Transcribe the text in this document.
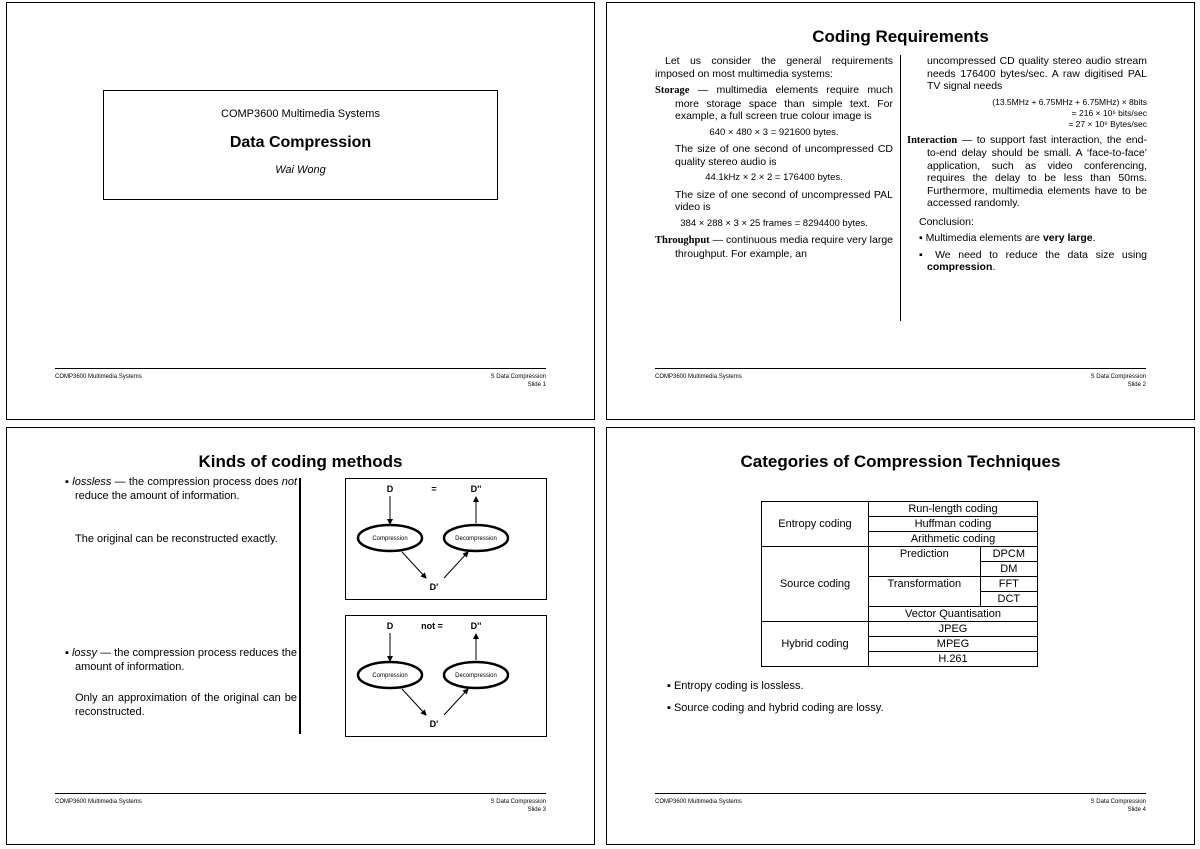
COMP3600 Multimedia Systems
Data Compression
Wai Wong
COMP3600 Multimedia Systems	S Data Compression
Slide 1
Coding Requirements

Let us consider the general requirements imposed on most multimedia systems:

Storage — multimedia elements require much more storage space than simple text. For example, a full screen true colour image is

640 × 480 × 3 = 921600 bytes.

The size of one second of uncompressed CD quality stereo audio is

44.1kHz × 2 × 2 = 176400 bytes.

The size of one second of uncompressed PAL video is

384 × 288 × 3 × 25 frames = 8294400 bytes.

Throughput — continuous media require very large throughput. For example, an

uncompressed CD quality stereo audio stream needs 176400 bytes/sec. A raw digitised PAL TV signal needs

(13.5MHz + 6.75MHz + 6.75MHz) × 8bits
= 216 × 10⁶ bits/sec
= 27 × 10⁶ Bytes/sec

Interaction — to support fast interaction, the end-to-end delay should be small. A ‘face-to-face’ application, such as video conferencing, requires the delay to be less than 50ms. Furthermore, multimedia elements have to be accessed randomly.

Conclusion:

▪ Multimedia elements are very large.

▪ We need to reduce the data size using compression.

COMP3600 Multimedia Systems	S Data Compression
Slide 2
Kinds of coding methods
▪ lossless — the compression process does not reduce the amount of information.
The original can be reconstructed exactly.
▪ lossy — the compression process reduces the amount of information.
Only an approximation of the original can be reconstructed.
D	=	D''
Compression	Decompression
D'
D	not =	D''
Compression	Decompression
D'
COMP3600 Multimedia Systems	S Data Compression
Slide 3
Categories of Compression Techniques
Entropy coding	Run-length coding	
	Huffman coding	
	Arithmetic coding	
Source coding	Prediction	DPCM
		DM
	Transformation	FFT
		DCT
	Vector Quantisation	
Hybrid coding	JPEG	
	MPEG	
	H.261	
▪ Entropy coding is lossless.
▪ Source coding and hybrid coding are lossy.
COMP3600 Multimedia Systems	S Data Compression
Slide 4
